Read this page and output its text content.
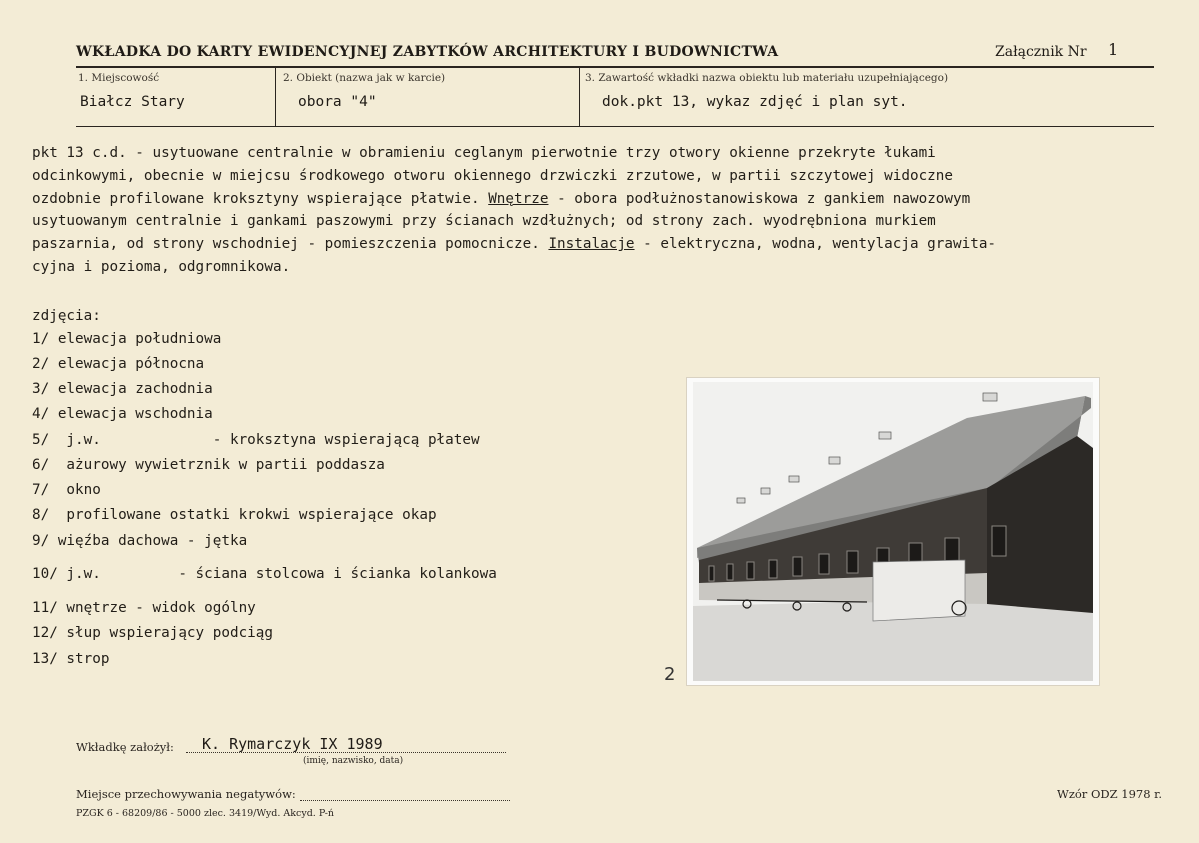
WKŁADKA DO KARTY EWIDENCYJNEJ ZABYTKÓW ARCHITEKTURY I BUDOWNICTWA	Załącznik Nr 1
1. Miejscowość
Białcz Stary
2. Obiekt (nazwa jak w karcie)
obora "4"
3. Zawartość wkładki nazwa obiektu lub materiału uzupełniającego)
dok.pkt 13, wykaz zdjęć i plan syt.
pkt 13 c.d. - usytuowane centralnie w obramieniu ceglanym pierwotnie trzy otwory okienne przekryte łukami
odcinkowymi, obecnie w miejcsu środkowego otworu okiennego drzwiczki zrzutowe, w partii szczytowej widoczne
ozdobnie profilowane kroksztyny wspierające płatwie. Wnętrze - obora podłużnostanowiskowa z gankiem nawozowym
usytuowanym centralnie i gankami paszowymi przy ścianach wzdłużnych; od strony zach. wyodrębniona murkiem
paszarnia, od strony wschodniej - pomieszczenia pomocnicze. Instalacje - elektryczna, wodna, wentylacja grawita-
cyjna i pozioma, odgromnikowa.
zdjęcia:
1/ elewacja południowa
2/ elewacja północna
3/ elewacja zachodnia
4/ elewacja wschodnia
5/  j.w.             - kroksztyna wspierającą płatew
6/  ażurowy wywietrznik w partii poddasza
7/  okno
8/  profilowane ostatki krokwi wspierające okap
9/ więźba dachowa - jętka
10/ j.w.         - ściana stolcowa i ścianka kolankowa
11/ wnętrze - widok ogólny
12/ słup wspierający podciąg
13/ strop
2
Wkładkę założył: K. Rymarczyk IX 1989
(imię, nazwisko, data)
Miejsce przechowywania negatywów:
PZGK 6 - 68209/86 - 5000 zlec. 3419/Wyd. Akcyd. P-ń
Wzór ODZ 1978 r.
